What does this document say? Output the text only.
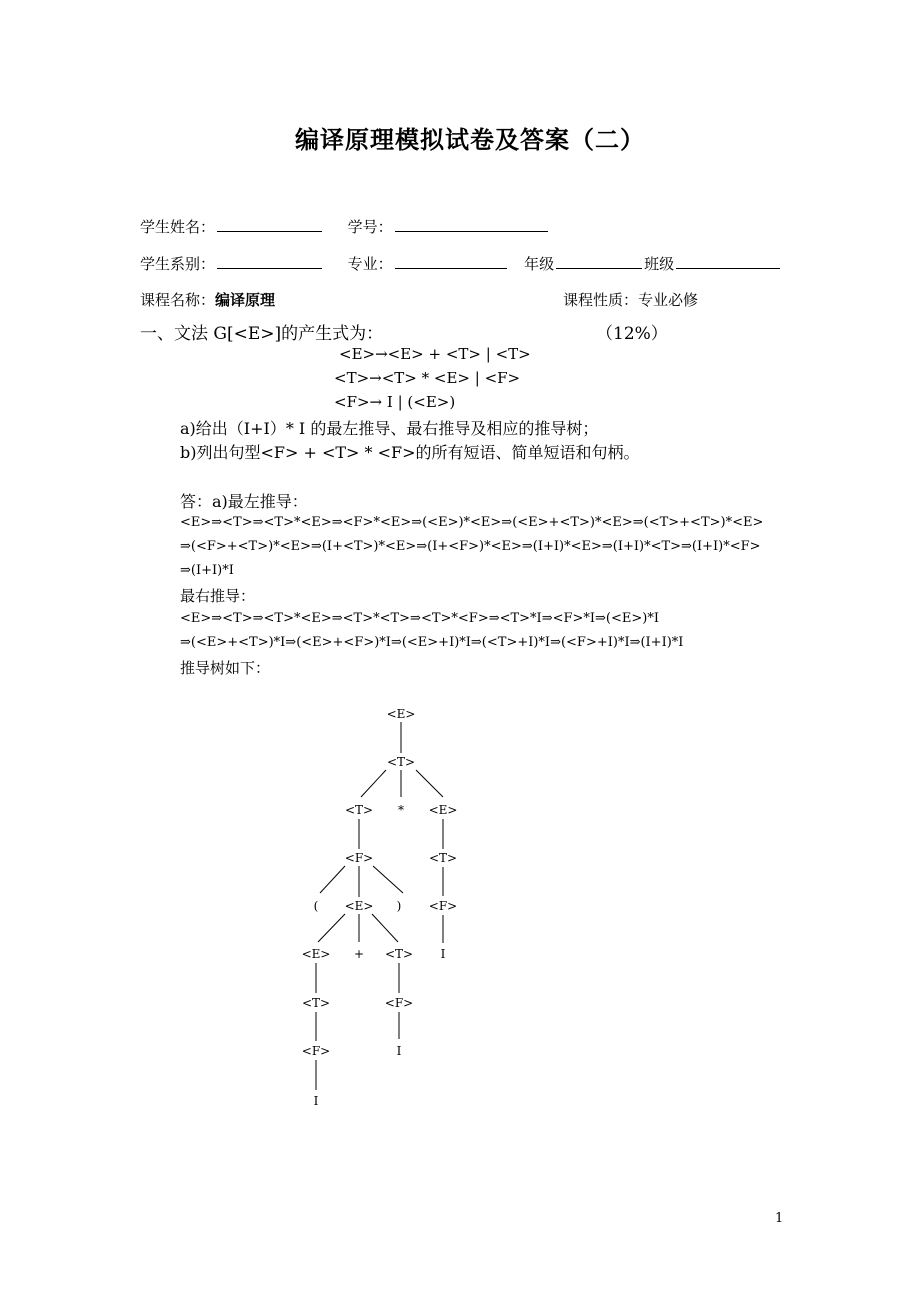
编译原理模拟试卷及答案（二）
学生姓名：	学号：
学生系别：	专业：	年级	班级
课程名称：编译原理	课程性质：专业必修
一、文法 G[<E>]的产生式为：	（12%）
<E>→<E> + <T> | <T>
<T>→<T> * <E> | <F>
<F>→ I | (<E>)
a)给出（I+I）* I 的最左推导、最右推导及相应的推导树；
b)列出句型<F> + <T> * <F>的所有短语、简单短语和句柄。
答：a)最左推导：
<E>⇒<T>⇒<T>*<E>⇒<F>*<E>⇒(<E>)*<E>⇒(<E>+<T>)*<E>⇒(<T>+<T>)*<E>
⇒(<F>+<T>)*<E>⇒(I+<T>)*<E>⇒(I+<F>)*<E>⇒(I+I)*<E>⇒(I+I)*<T>⇒(I+I)*<F>
⇒(I+I)*I
最右推导：
<E>⇒<T>⇒<T>*<E>⇒<T>*<T>⇒<T>*<F>⇒<T>*I⇒<F>*I⇒(<E>)*I
⇒(<E>+<T>)*I⇒(<E>+<F>)*I⇒(<E>+I)*I⇒(<T>+I)*I⇒(<F>+I)*I⇒(I+I)*I
推导树如下：
<E>
<T>
<T> * <E>
<F>	<T>
( <E> ) <F>
<E> + <T> I
<T>	<F>
<F>	I
I
1
